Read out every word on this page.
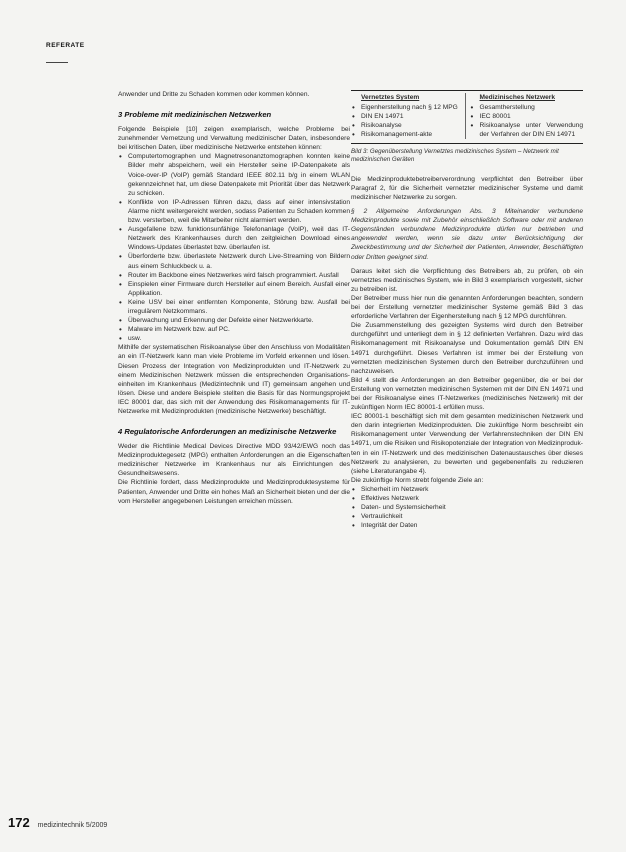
REFERATE

Anwender und Dritte zu Schaden kommen oder kommen können.

3 Probleme mit medizinischen Netzwerken

Folgende Beispiele [10] zeigen exemplarisch, welche Probleme bei zunehmender Vernetzung und Verwaltung medizinischer Daten, insbesondere bei kritischen Daten, über medizinische Netzwerke entstehen können:

• Computertomographen und Magnetresonanztomographen konnten keine Bilder mehr abspeichern, weil ein Hersteller seine IP-Datenpakete als Voice-over-IP (VoIP) gemäß Standard IEEE 802.11 b/g in einem WLAN gekennzeichnet hat, um diese Datenpakete mit Priorität über das Netzwerk zu schicken.
• Konflikte von IP-Adressen führen dazu, dass auf einer intensivstation Alarme nicht weitergereicht werden, sodass Patienten zu Schaden kommen bzw. versterben, weil die Mitarbeiter nicht alarmiert werden.
• Ausgefallene bzw. funktionsunfähige Telefonanlage (VoIP), weil das IT-Netzwerk des Krankenhauses durch den zeitgleichen Download eines Windows-Updates überlastet bzw. überlaufen ist.
• Überforderte bzw. überlastete Netzwerk durch Live-Streaming von Bildern aus einem Schluckbeck u. a.
• Router im Backbone eines Netzwerkes wird falsch programmiert. Ausfall
• Einspielen einer Firmware durch Hersteller auf einem Bereich. Ausfall einer Applikation.
• Keine USV bei einer entfernten Komponente, Störung bzw. Ausfall bei irregulärem Netzkommans.
• Überwachung und Erkennung der Defekte einer Netzwerkkarte.
• Malware im Netzwerk bzw. auf PC.
• usw.

Mithilfe der systematischen Risikoanalyse über den Anschluss von Modalitäten an ein IT-Netzwerk kann man viele Probleme im Vorfeld erkennen und lösen. Diesen Prozess der Integration von Medizinprodukten und IT-Netzwerk zu einem Medizinischen Netzwerk müssen die entsprechenden Organisationseinheiten im Krankenhaus (Medizintechnik und IT) gemeinsam angehen und lösen. Diese und andere Beispiele stellten die Basis für das Normungsprojekt IEC 80001 dar, das sich mit der Anwendung des Risikomanagements für IT-Netzwerke mit Medizinprodukten (medizinische Netzwerke) beschäftigt.

4 Regulatorische Anforderungen an medizinische Netzwerke

Weder die Richtlinie Medical Devices Directive MDD 93/42/EWG noch das Medizinproduktegesetz (MPG) enthalten Anforderungen an die Eigenschaften medizinischer Netzwerke im Krankenhaus nur als Einrichtungen des Gesundheitswesens.

Die Richtlinie fordert, dass Medizinprodukte und Medizinproduktesysteme für Patienten, Anwender und Dritte ein hohes Maß an Sicherheit bieten und der die vom Hersteller angegebenen Leistungen erreichen müssen.

Vernetztes System
• Eigenherstellung nach § 12 MPG
• DIN EN 14971
• Risikoanalyse
• Risikomanagement-akte
Medizinisches Netzwerk
• Gesamtherstellung
• IEC 80001
• Risikoanalyse unter Verwendung der Verfahren der DIN EN 14971
Bild 3: Gegenüberstellung Vernetztes medizinisches System – Netzwerk mit medizinischen Geräten

Die Medizinproduktebetreiberverordnung verpflichtet den Betreiber über Paragraf 2, für die Sicherheit vernetzter medizinischer Systeme und damit medizinischer Netzwerke zu sorgen.

§ 2 Allgemeine Anforderungen Abs. 3 Miteinander verbundene Medizinprodukte sowie mit Zubehör einschließlich Software oder mit anderen Gegenständen verbundene Medizinprodukte dürfen nur betrieben und angewendet werden, wenn sie dazu unter Berücksichtigung der Zweckbestimmung und der Sicherheit der Patienten, Anwender, Beschäftigten oder Dritten geeignet sind.

Daraus leitet sich die Verpflichtung des Betreibers ab, zu prüfen, ob ein vernetztes medizinisches System, wie in Bild 3 exemplarisch vorgestellt, sicher zu betreiben ist.

Der Betreiber muss hier nun die genannten Anforderungen beachten, sondern bei der Erstellung vernetzter medizinischer Systeme gemäß Bild 3 das erforderliche Verfahren der Eigenherstellung nach § 12 MPG durchführen.

Die Zusammenstellung des gezeigten Systems wird durch den Betreiber durchgeführt und unterliegt dem in § 12 definierten Verfahren. Dazu wird das Risikomanagement mit Risikoanalyse und Dokumentation gemäß DIN EN 14971 durchgeführt. Dieses Verfahren ist immer bei der Erstellung von vernetzten medizinischen Systemen durch den Betreiber durchzuführen und nachzuweisen.

Bild 4 stellt die Anforderungen an den Betreiber gegenüber, die er bei der Erstellung von vernetzten medizinischen Systemen mit der DIN EN 14971 und bei der Risikoanalyse eines IT-Netzwerkes (medizinisches Netzwerk) mit der zukünftigen Norm IEC 80001-1 erfüllen muss.

IEC 80001-1 beschäftigt sich mit dem gesamten medizinischen Netzwerk und den darin integrierten Medizinprodukten. Die zukünftige Norm beschreibt ein Risikomanagement unter Verwendung der Verfahrenstechniken der DIN EN 14971, um die Risiken und Risikopotenziale der Integration von Medizinprodukten in ein IT-Netzwerk und des medizinischen Datenaustausches über dieses Netzwerk zu analysieren, zu bewerten und gegebenenfalls zu reduzieren (siehe Literaturangabe 4).

Die zukünftige Norm strebt folgende Ziele an:

• Sicherheit im Netzwerk
• Effektives Netzwerk
• Daten- und Systemsicherheit
• Vertraulichkeit
• Integrität der Daten
172 medizintechnik 5/2009
